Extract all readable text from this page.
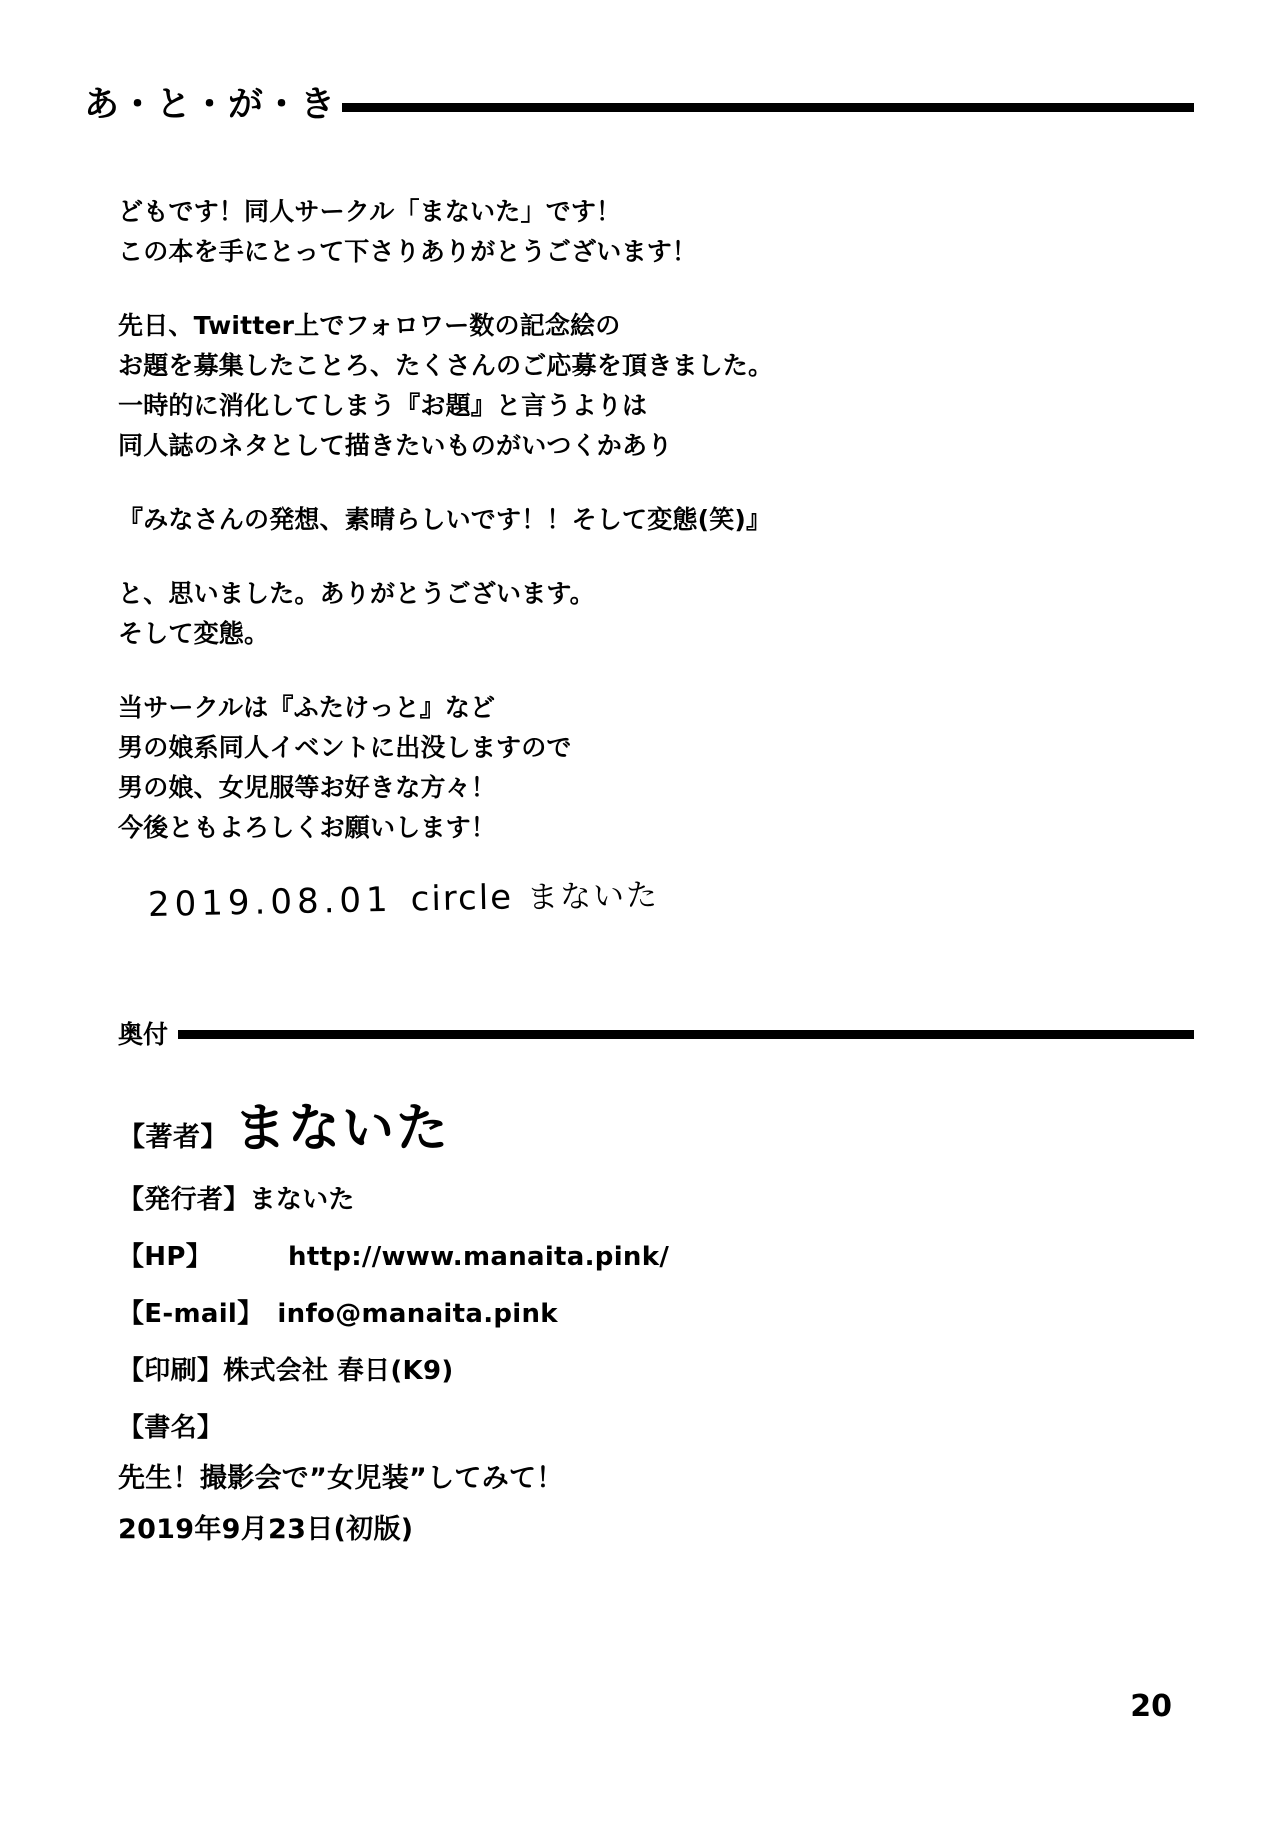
あ・と・が・き

どもです！同人サークル「まないた」です！
この本を手にとって下さりありがとうございます！

先日、Twitter上でフォロワー数の記念絵の
お題を募集したことろ、たくさんのご応募を頂きました。
一時的に消化してしまう『お題』と言うよりは
同人誌のネタとして描きたいものがいつくかあり

『みなさんの発想、素晴らしいです！！そして変態(笑)』

と、思いました。ありがとうございます。
そして変態。

当サークルは『ふたけっと』など
男の娘系同人イベントに出没しますので
男の娘、女児服等お好きな方々！
今後ともよろしくお願いします！

2019.08.01 circle まないた
奥付
【著者】 まないた
【発行者】まないた
【HP】	http://www.manaita.pink/
【E-mail】 info@manaita.pink
【印刷】株式会社 春日(K9)
【書名】
先生！撮影会で”女児装”してみて！
2019年9月23日(初版)
20
